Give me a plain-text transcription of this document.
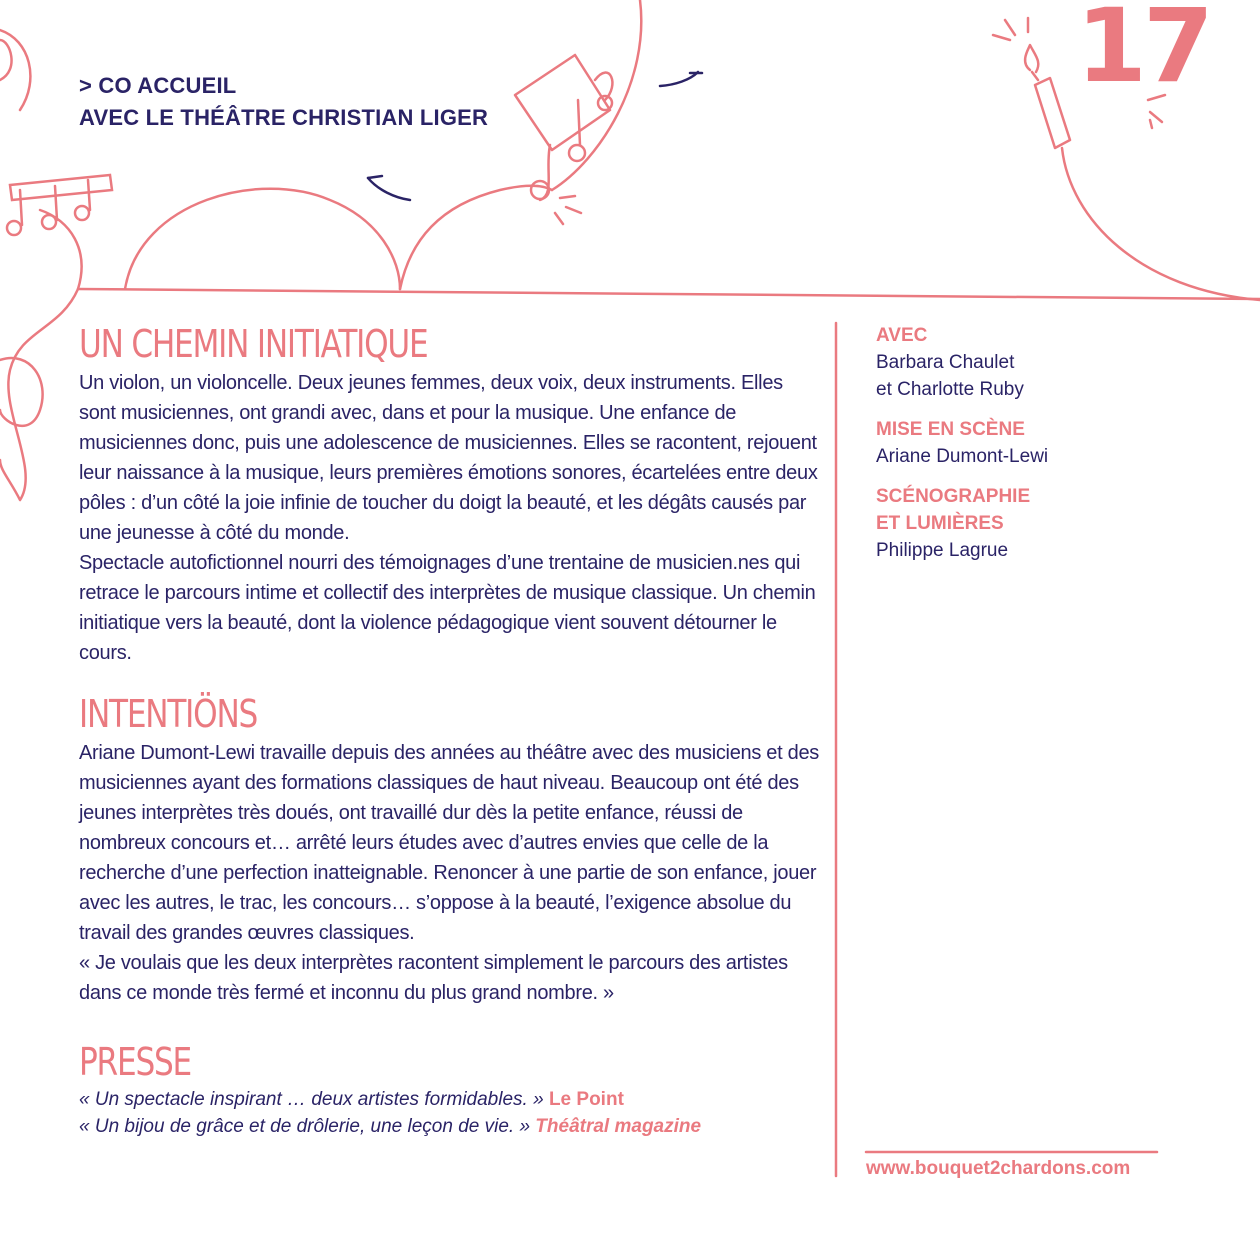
> CO ACCUEIL
AVEC LE THÉÂTRE CHRISTIAN LIGER
17
UN CHEMIN INITIATIQUE

Un violon, un violoncelle. Deux jeunes femmes, deux voix, deux instruments. Elles sont musiciennes, ont grandi avec, dans et pour la musique. Une enfance de musiciennes donc, puis une adolescence de musiciennes. Elles se racontent, rejouent leur naissance à la musique, leurs premières émotions sonores, écartelées entre deux pôles : d’un côté la joie infinie de toucher du doigt la beauté, et les dégâts causés par une jeunesse à côté du monde.

Spectacle autofictionnel nourri des témoignages d’une trentaine de musicien.nes qui retrace le parcours intime et collectif des interprètes de musique classique. Un chemin initiatique vers la beauté, dont la violence pédagogique vient souvent détourner le cours.

INTENTIÖNS

Ariane Dumont-Lewi travaille depuis des années au théâtre avec des musiciens et des musiciennes ayant des formations classiques de haut niveau. Beaucoup ont été des jeunes interprètes très doués, ont travaillé dur dès la petite enfance, réussi de nombreux concours et… arrêté leurs études avec d’autres envies que celle de la recherche d’une perfection inatteignable. Renoncer à une partie de son enfance, jouer avec les autres, le trac, les concours… s’oppose à la beauté, l’exigence absolue du travail des grandes œuvres classiques.

« Je voulais que les deux interprètes racontent simplement le parcours des artistes dans ce monde très fermé et inconnu du plus grand nombre. »

PRESSE

« Un spectacle inspirant … deux artistes formidables. » Le Point

« Un bijou de grâce et de drôlerie, une leçon de vie. » Théâtral magazine

AVEC

Barbara Chaulet

et Charlotte Ruby

MISE EN SCÈNE

Ariane Dumont-Lewi

SCÉNOGRAPHIE

ET LUMIÈRES

Philippe Lagrue

www.bouquet2chardons.com
